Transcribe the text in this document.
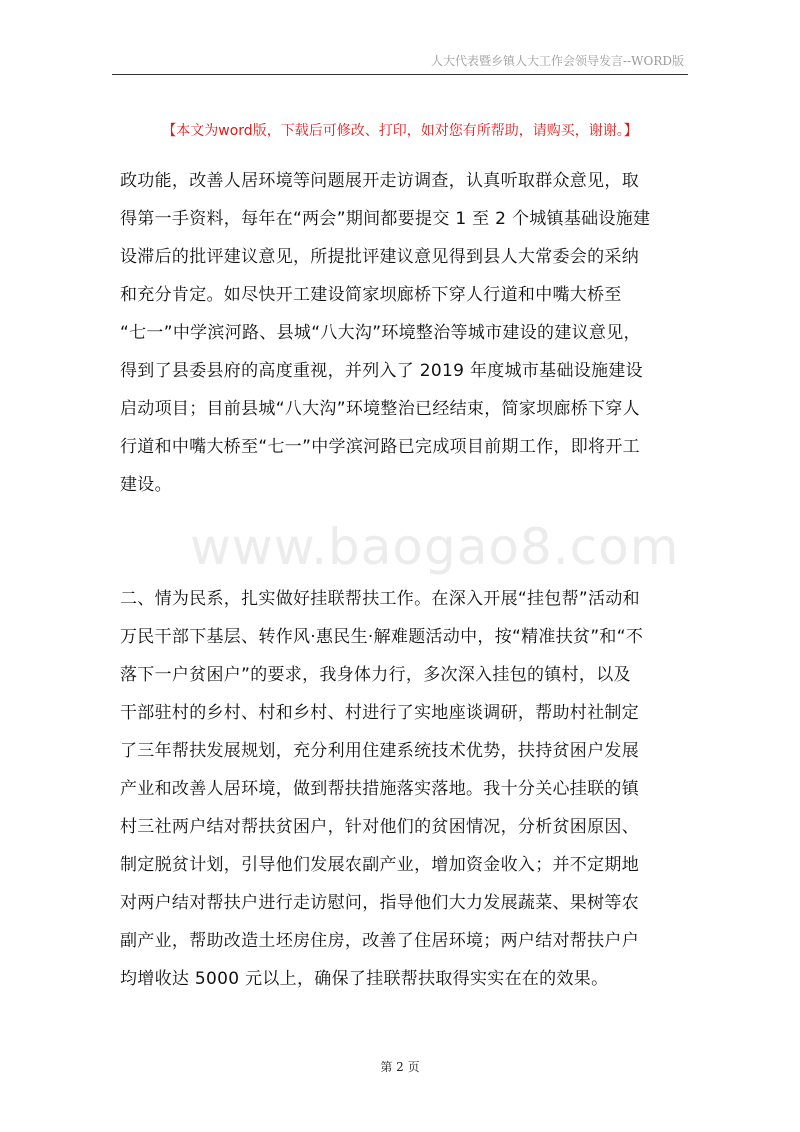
人大代表暨乡镇人大工作会领导发言--WORD版
【本文为word版，下载后可修改、打印，如对您有所帮助，请购买，谢谢。】

政功能，改善人居环境等问题展开走访调查，认真听取群众意见，取
得第一手资料，每年在“两会”期间都要提交 1 至 2 个城镇基础设施建
设滞后的批评建议意见，所提批评建议意见得到县人大常委会的采纳
和充分肯定。如尽快开工建设简家坝廊桥下穿人行道和中嘴大桥至
“七一”中学滨河路、县城“八大沟”环境整治等城市建设的建议意见，
得到了县委县府的高度重视，并列入了 2019 年度城市基础设施建设
启动项目；目前县城“八大沟”环境整治已经结束，简家坝廊桥下穿人
行道和中嘴大桥至“七一”中学滨河路已完成项目前期工作，即将开工
建设。

www.baogao8.com

二、情为民系，扎实做好挂联帮扶工作。在深入开展“挂包帮”活动和
万民干部下基层、转作风·惠民生·解难题活动中，按“精准扶贫”和“不
落下一户贫困户”的要求，我身体力行，多次深入挂包的镇村，以及
干部驻村的乡村、村和乡村、村进行了实地座谈调研，帮助村社制定
了三年帮扶发展规划，充分利用住建系统技术优势，扶持贫困户发展
产业和改善人居环境，做到帮扶措施落实落地。我十分关心挂联的镇
村三社两户结对帮扶贫困户，针对他们的贫困情况，分析贫困原因、
制定脱贫计划，引导他们发展农副产业，增加资金收入；并不定期地
对两户结对帮扶户进行走访慰问，指导他们大力发展蔬菜、果树等农
副产业，帮助改造土坯房住房，改善了住居环境；两户结对帮扶户户
均增收达 5000 元以上，确保了挂联帮扶取得实实在在的效果。

第 2 页
